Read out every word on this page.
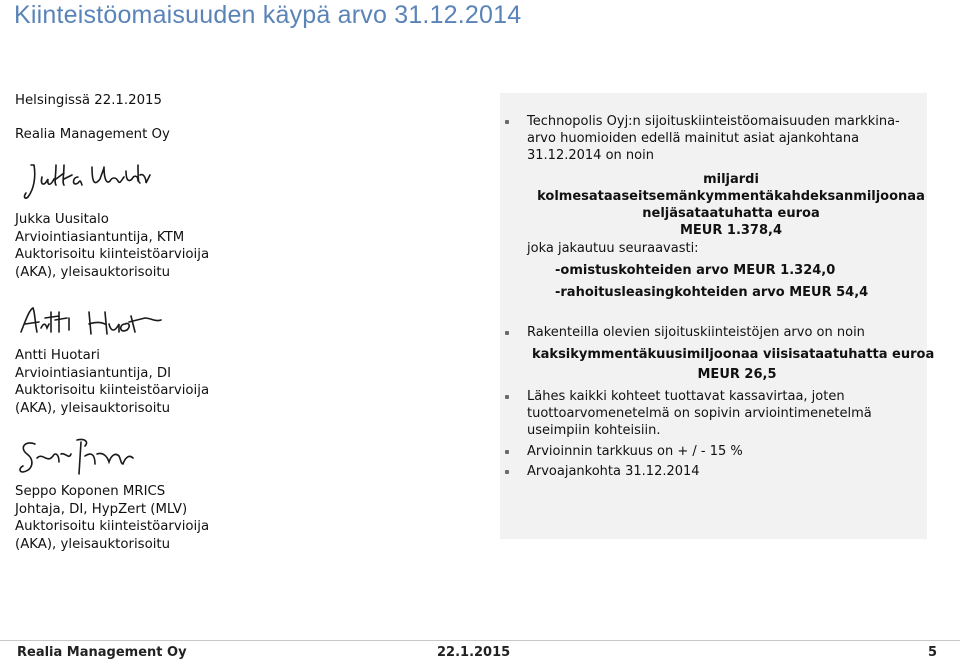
Kiinteistöomaisuuden käypä arvo 31.12.2014
Helsingissä 22.1.2015
Realia Management Oy
Jukka Uusitalo
Arviointiasiantuntija, KTM
Auktorisoitu kiinteistöarvioija
(AKA), yleisauktorisoitu
Antti Huotari
Arviointiasiantuntija, DI
Auktorisoitu kiinteistöarvioija
(AKA), yleisauktorisoitu
Seppo Koponen MRICS
Johtaja, DI, HypZert (MLV)
Auktorisoitu kiinteistöarvioija
(AKA), yleisauktorisoitu
Technopolis Oyj:n sijoituskiinteistöomaisuuden markkina-
arvo huomioiden edellä mainitut asiat ajankohtana
31.12.2014 on noin
miljardi
kolmesataaseitsemänkymmentäkahdeksanmiljoonaa
neljäsataatuhatta euroa
MEUR 1.378,4
joka jakautuu seuraavasti:
-omistuskohteiden arvo MEUR 1.324,0
-rahoitusleasingkohteiden arvo MEUR 54,4
Rakenteilla olevien sijoituskiinteistöjen arvo on noin
kaksikymmentäkuusimiljoonaa viisisataatuhatta euroa
MEUR 26,5
Lähes kaikki kohteet tuottavat kassavirtaa, joten
tuottoarvomenetelmä on sopivin arviointimenetelmä
useimpiin kohteisiin.
Arvioinnin tarkkuus on + / - 15 %
Arvoajankohta 31.12.2014
Realia Management Oy	22.1.2015	5
